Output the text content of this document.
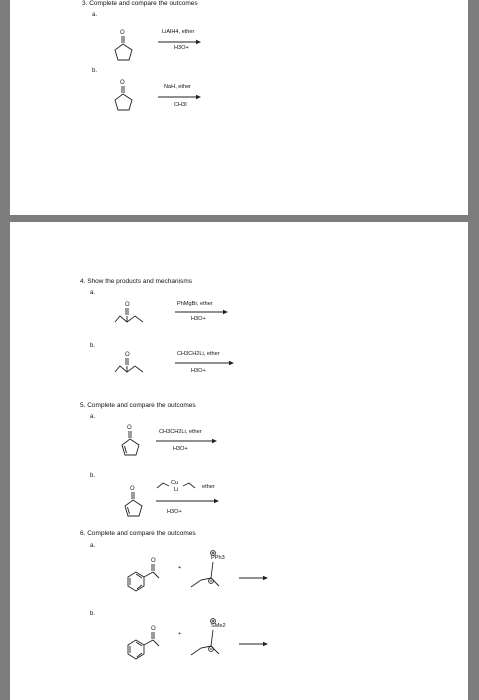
3. Complete and compare the outcomes
a.
O	LiAlH4, ether
H3O+
b.
O
NaH, ether
CH3I
4. Show the products and mechanisms
a.
O	PhMgBr, ether
H3O+
b.
O	CH3CH2Li, ether
H3O+
5. Complete and compare the outcomes
a.
O
CH3CH2Li, ether
H3O+
b.
O
Cu
Li	ether
H3O+
6. Complete and compare the outcomes
a.
O
+
PPh3
b.
O
+
SMe2
